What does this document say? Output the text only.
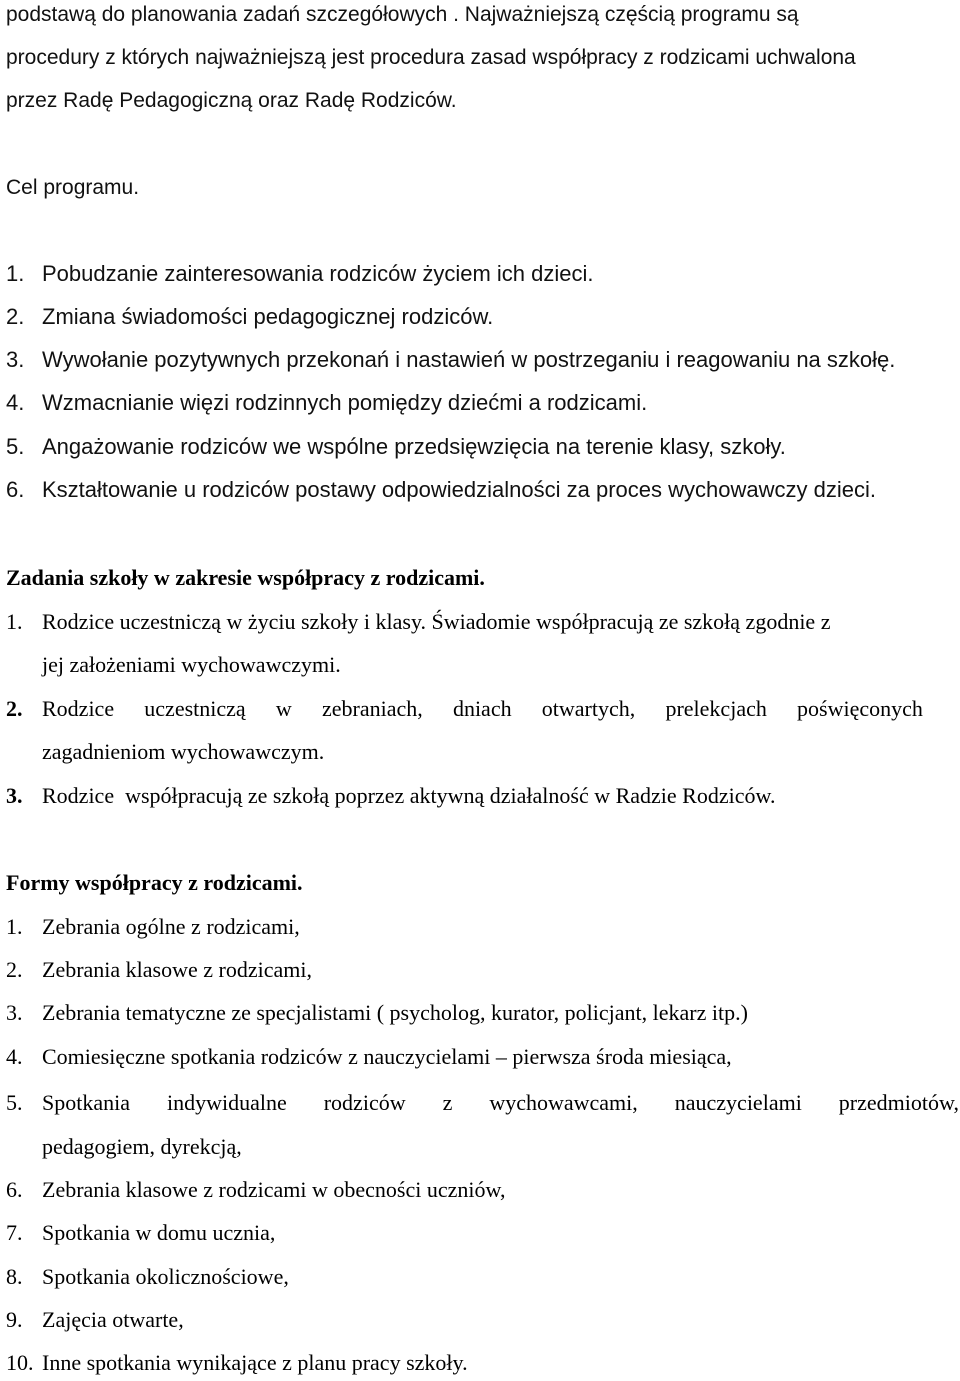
podstawą do planowania zadań szczegółowych . Najważniejszą częścią programu są
procedury z których najważniejszą jest procedura zasad współpracy z rodzicami uchwalona
przez Radę Pedagogiczną oraz Radę Rodziców.
Cel programu.
1. Pobudzanie zainteresowania rodziców życiem ich dzieci.
2. Zmiana świadomości pedagogicznej rodziców.
3. Wywołanie pozytywnych przekonań i nastawień w postrzeganiu i reagowaniu na szkołę.
4. Wzmacnianie więzi rodzinnych pomiędzy dziećmi a rodzicami.
5. Angażowanie rodziców we wspólne przedsięwzięcia na terenie klasy, szkoły.
6. Kształtowanie u rodziców postawy odpowiedzialności za proces wychowawczy dzieci.
Zadania szkoły w zakresie współpracy z rodzicami.
1. Rodzice uczestniczą w życiu szkoły i klasy. Świadomie współpracują ze szkołą zgodnie z
jej założeniami wychowawczymi.
2. Rodzice uczestniczą w zebraniach, dniach otwartych, prelekcjach poświęconych
zagadnieniom wychowawczym.
3. Rodzice  współpracują ze szkołą poprzez aktywną działalność w Radzie Rodziców.
Formy współpracy z rodzicami.
1. Zebrania ogólne z rodzicami,
2. Zebrania klasowe z rodzicami,
3. Zebrania tematyczne ze specjalistami ( psycholog, kurator, policjant, lekarz itp.)
4. Comiesięczne spotkania rodziców z nauczycielami – pierwsza środa miesiąca,
5. Spotkania indywidualne rodziców z wychowawcami, nauczycielami przedmiotów,
pedagogiem, dyrekcją,
6. Zebrania klasowe z rodzicami w obecności uczniów,
7. Spotkania w domu ucznia,
8. Spotkania okolicznościowe,
9. Zajęcia otwarte,
10. Inne spotkania wynikające z planu pracy szkoły.
